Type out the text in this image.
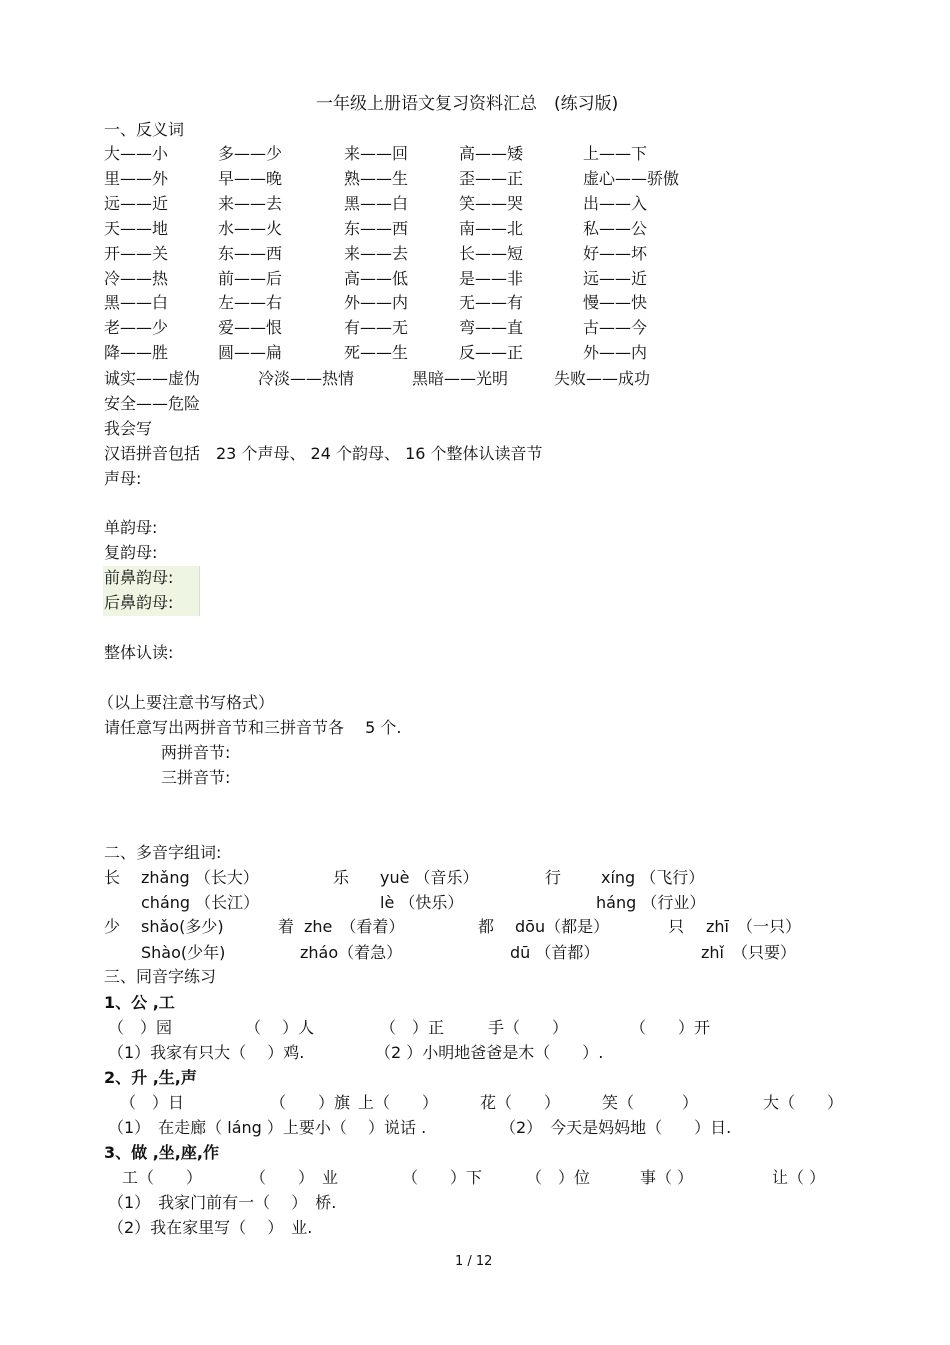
一年级上册语文复习资料汇总　(练习版)
一、反义词
大——小	多——少	来——回	高——矮	上——下
里——外	早——晚	熟——生	歪——正	虚心——骄傲
远——近	来——去	黑——白	笑——哭	出——入
天——地	水——火	东——西	南——北	私——公
开——关	东——西	来——去	长——短	好——坏
冷——热	前——后	高——低	是——非	远——近
黑——白	左——右	外——内	无——有	慢——快
老——少	爱——恨	有——无	弯——直	古——今
降——胜	圆——扁	死——生	反——正	外——内
诚实——虚伪	冷淡——热情	黑暗——光明	失败——成功
安全——危险
我会写
汉语拼音包括　23 个声母、 24 个韵母、 16 个整体认读音节
声母:
单韵母:
复韵母:
前鼻韵母:
后鼻韵母:
整体认读:
（以上要注意书写格式）
请任意写出两拼音节和三拼音节各　 5 个.
两拼音节:
三拼音节:
二、多音字组词:
长 zhǎng （长大）	乐 yuè （音乐）	行 xíng （飞行）
cháng （长江）	lè （快乐）	háng （行业）
少 shǎo(多少)	着 zhe　（看着）	都 dōu（都是）	只 zhī　（一只）
Shào(少年)	zháo（着急）	dū （首都）	zhǐ　（只要）
三、同音字练习
1、公 ,工
（　）园	（　 ）人	（　）正	手（　　）	（　　）开
（1）我家有只大（　 ）鸡.	（2 ）小明地爸爸是木（　　）.
2、升 ,生,声
（　）日	（　　）旗 上（　　）	花（　　）	笑（　　　）	大（　　）
（1）　在走廊（ láng ）上要小（　 ）说话 .	（2）　今天是妈妈地（　　）日.
3、做 ,坐,座,作
工（　　）	（　　）　业	（　　）下	（　）位	事（ ）	让（ ）
（1）　我家门前有一（　 ）　桥.
（2）我在家里写（　 ）　业.
1 / 12
